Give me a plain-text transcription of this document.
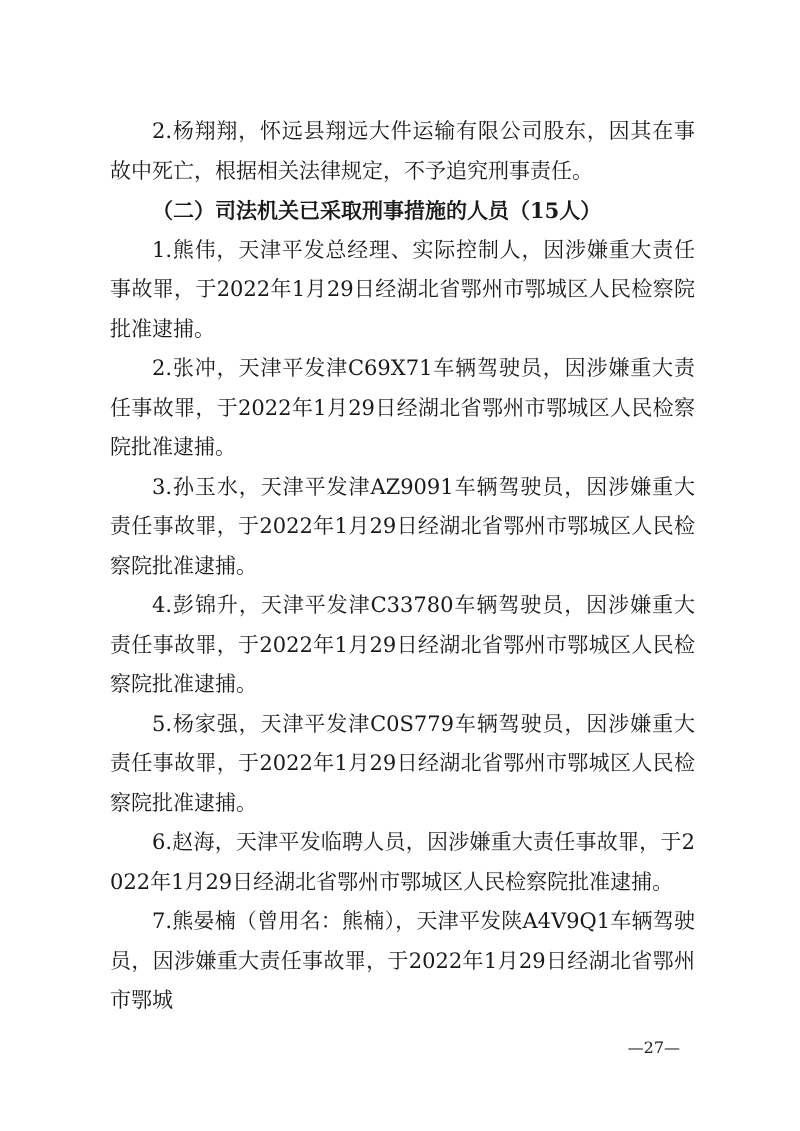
2.杨翔翔，怀远县翔远大件运输有限公司股东，因其在事故中死亡，根据相关法律规定，不予追究刑事责任。

（二）司法机关已采取刑事措施的人员（15人）

1.熊伟，天津平发总经理、实际控制人，因涉嫌重大责任事故罪，于2022年1月29日经湖北省鄂州市鄂城区人民检察院批准逮捕。

2.张冲，天津平发津C69X71车辆驾驶员，因涉嫌重大责任事故罪，于2022年1月29日经湖北省鄂州市鄂城区人民检察院批准逮捕。

3.孙玉水，天津平发津AZ9091车辆驾驶员，因涉嫌重大责任事故罪，于2022年1月29日经湖北省鄂州市鄂城区人民检察院批准逮捕。

4.彭锦升，天津平发津C33780车辆驾驶员，因涉嫌重大责任事故罪，于2022年1月29日经湖北省鄂州市鄂城区人民检察院批准逮捕。

5.杨家强，天津平发津C0S779车辆驾驶员，因涉嫌重大责任事故罪，于2022年1月29日经湖北省鄂州市鄂城区人民检察院批准逮捕。

6.赵海，天津平发临聘人员，因涉嫌重大责任事故罪，于2022年1月29日经湖北省鄂州市鄂城区人民检察院批准逮捕。

7.熊晏楠（曾用名：熊楠），天津平发陕A4V9Q1车辆驾驶员，因涉嫌重大责任事故罪，于2022年1月29日经湖北省鄂州市鄂城

—27—
